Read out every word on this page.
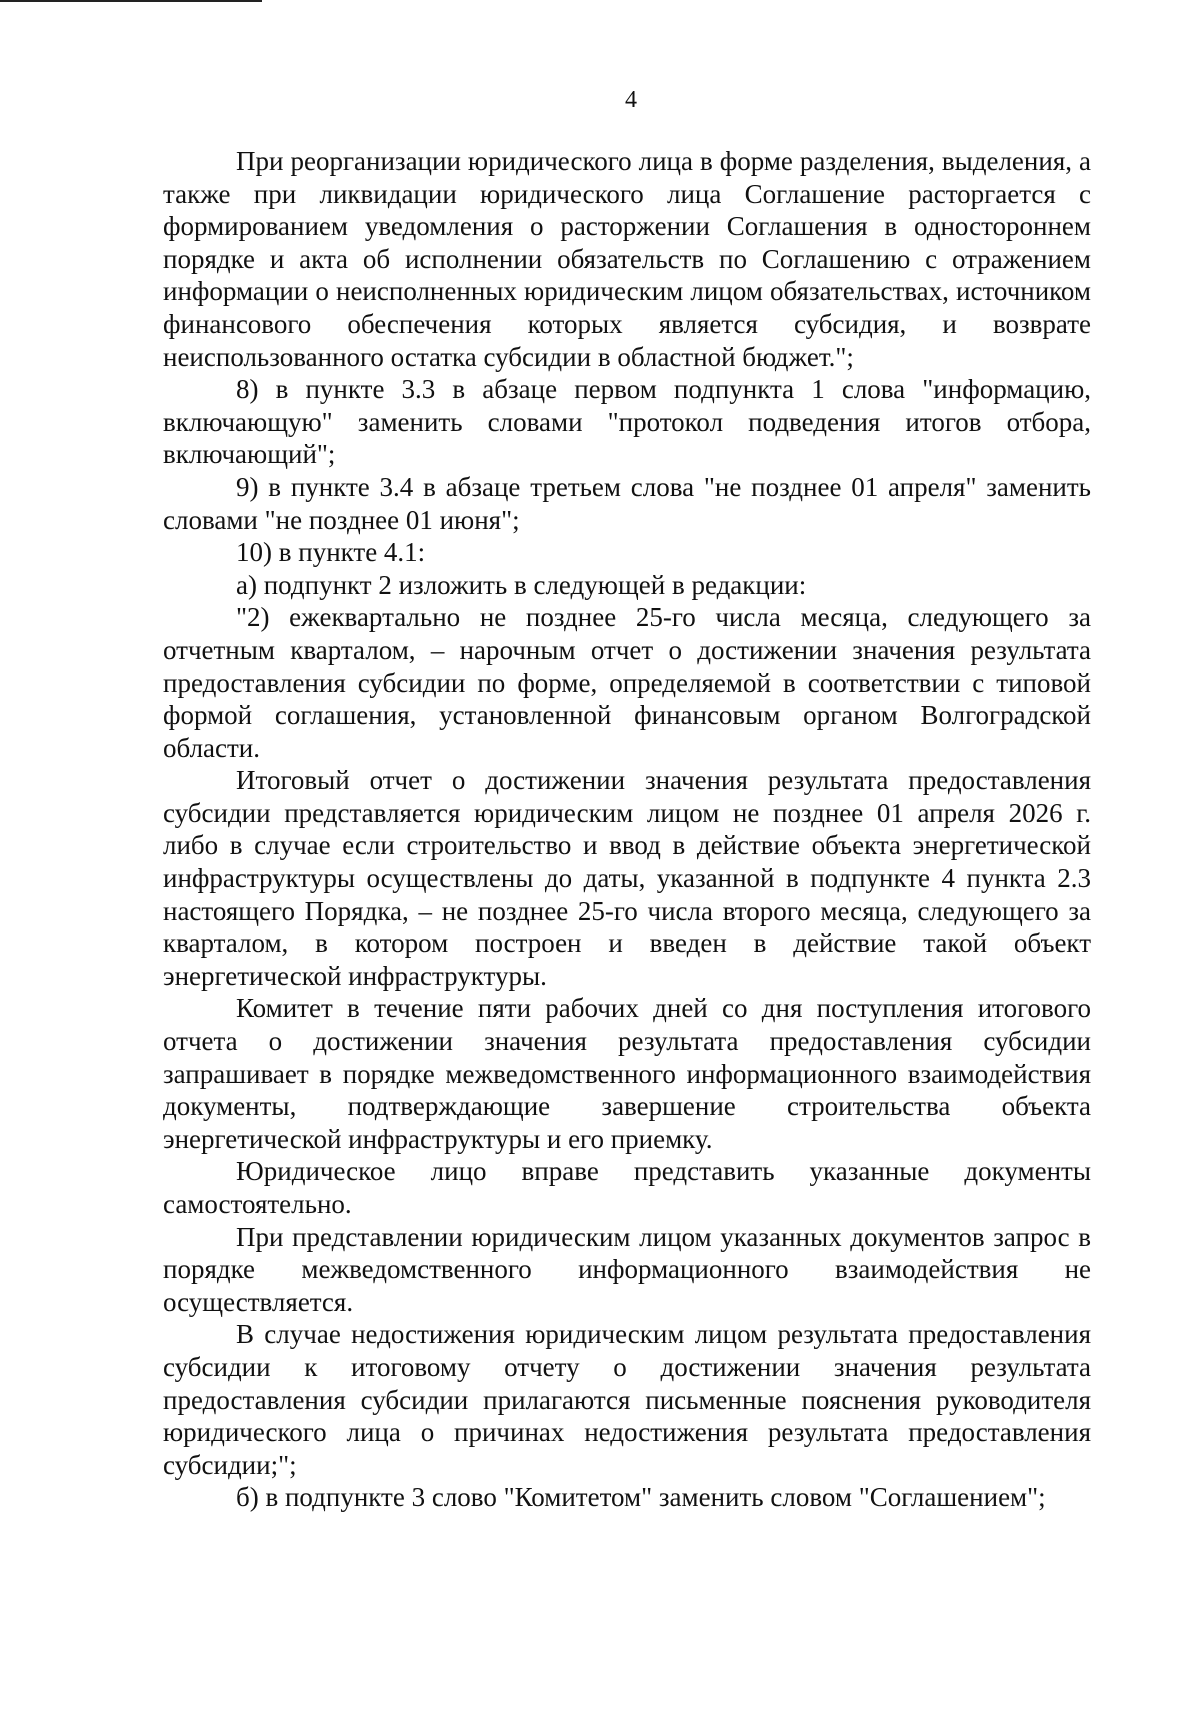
4

При реорганизации юридического лица в форме разделения, выделения, а также при ликвидации юридического лица Соглашение расторгается с формированием уведомления о расторжении Соглашения в одностороннем порядке и акта об исполнении обязательств по Соглашению с отражением информации о неисполненных юридическим лицом обязательствах, источником финансового обеспечения которых является субсидия, и возврате неиспользованного остатка субсидии в областной бюджет.";

8) в пункте 3.3 в абзаце первом подпункта 1 слова "информацию, включающую" заменить словами "протокол подведения итогов отбора, включающий";

9) в пункте 3.4 в абзаце третьем слова "не позднее 01 апреля" заменить словами "не позднее 01 июня";

10) в пункте 4.1:

а) подпункт 2 изложить в следующей в редакции:

"2) ежеквартально не позднее 25-го числа месяца, следующего за отчетным кварталом, – нарочным отчет о достижении значения результата предоставления субсидии по форме, определяемой в соответствии с типовой формой соглашения, установленной финансовым органом Волгоградской области.

Итоговый отчет о достижении значения результата предоставления субсидии представляется юридическим лицом не позднее 01 апреля 2026 г. либо в случае если строительство и ввод в действие объекта энергетической инфраструктуры осуществлены до даты, указанной в подпункте 4 пункта 2.3 настоящего Порядка, – не позднее 25-го числа второго месяца, следующего за кварталом, в котором построен и введен в действие такой объект энергетической инфраструктуры.

Комитет в течение пяти рабочих дней со дня поступления итогового отчета о достижении значения результата предоставления субсидии запрашивает в порядке межведомственного информационного взаимодействия документы, подтверждающие завершение строительства объекта энергетической инфраструктуры и его приемку.

Юридическое лицо вправе представить указанные документы самостоятельно.

При представлении юридическим лицом указанных документов запрос в порядке межведомственного информационного взаимодействия не осуществляется.

В случае недостижения юридическим лицом результата предоставления субсидии к итоговому отчету о достижении значения результата предоставления субсидии прилагаются письменные пояснения руководителя юридического лица о причинах недостижения результата предоставления субсидии;";

б) в подпункте 3 слово "Комитетом" заменить словом "Соглашением";
